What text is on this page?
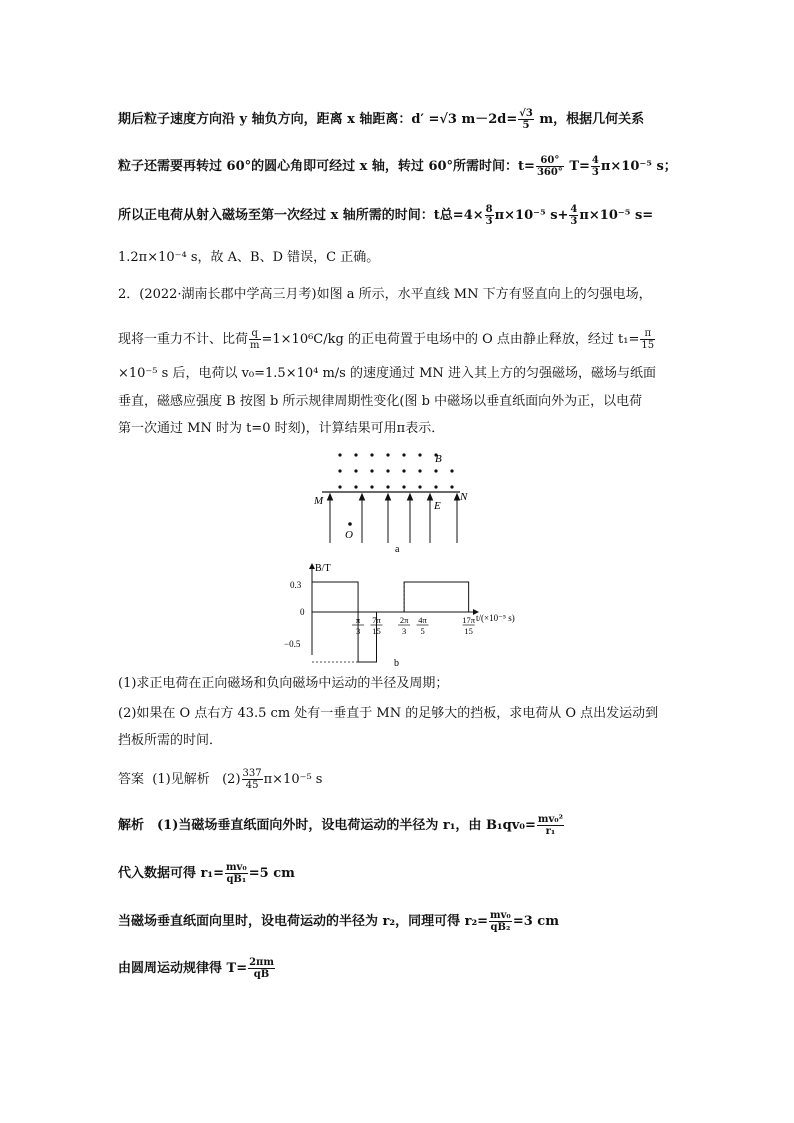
期后粒子速度方向沿 y 轴负方向，距离 x 轴距离：d′ =√3 $m-2d= \frac{√3}{5}$ m，根据几何关系
粒子还需要再转过 60°的圆心角即可经过 x 轴，转过 60°所需时间：$t= \frac{60^\circ}{360^\circ} T= \frac{4}{3} \pi\times 10^{-5}$ s；
所以正电荷从射入磁场至第一次经过 x 轴所需的时间：t总$=4\times \frac{8}{3} \pi\times 10^{-5}$ $s+ \frac{4}{3} \pi\times 10^{-5}$ s=
1.2π×10⁻⁴ s，故 A、B、D 错误，C 正确。
2．(2022·湖南长郡中学高三月考)如图 a 所示，水平直线 MN 下方有竖直向上的匀强电场，
现将一重力不计、比荷 $\frac{q}{m} =1\times 10^6C/kg$ 的正电荷置于电场中的 O 点由静止释放，经过 $t_1= \frac{\pi}{15}$
×10⁻⁵ s 后，电荷以 v₀=1.5×10⁴ m/s 的速度通过 MN 进入其上方的匀强磁场，磁场与纸面
垂直，磁感应强度 B 按图 b 所示规律周期性变化(图 b 中磁场以垂直纸面向外为正，以电荷
第一次通过 MN 时为 t=0 时刻)，计算结果可用π表示．
M	N
B
E
O
a
B/T
t/(×10⁻⁵ s)
0.3
0
−0.5
π
3
7π
15
2π
3
4π
5
17π
15
b
(1)求正电荷在正向磁场和负向磁场中运动的半径及周期；
(2)如果在 O 点右方 43.5 cm 处有一垂直于 MN 的足够大的挡板，求电荷从 O 点出发运动到
挡板所需的时间．
答案 (1)见解析 $(2) \frac{337}{45} \pi\times 10^{-5}$ s
解析　(1)当磁场垂直纸面向外时，设电荷运动的半径为 r₁，由 $B_1qv_0= \frac{\text{mv₀²}}{\text{r₁}}$
代入数据可得 $r_1= \frac{\text{mv₀}}{\text{qB₁}} =5$ cm
当磁场垂直纸面向里时，设电荷运动的半径为 r₂，同理可得 $r_2= \frac{\text{mv₀}}{\text{qB₂}} =3$ cm
由圆周运动规律得 $T= \frac{2\pi m}{qB}$
